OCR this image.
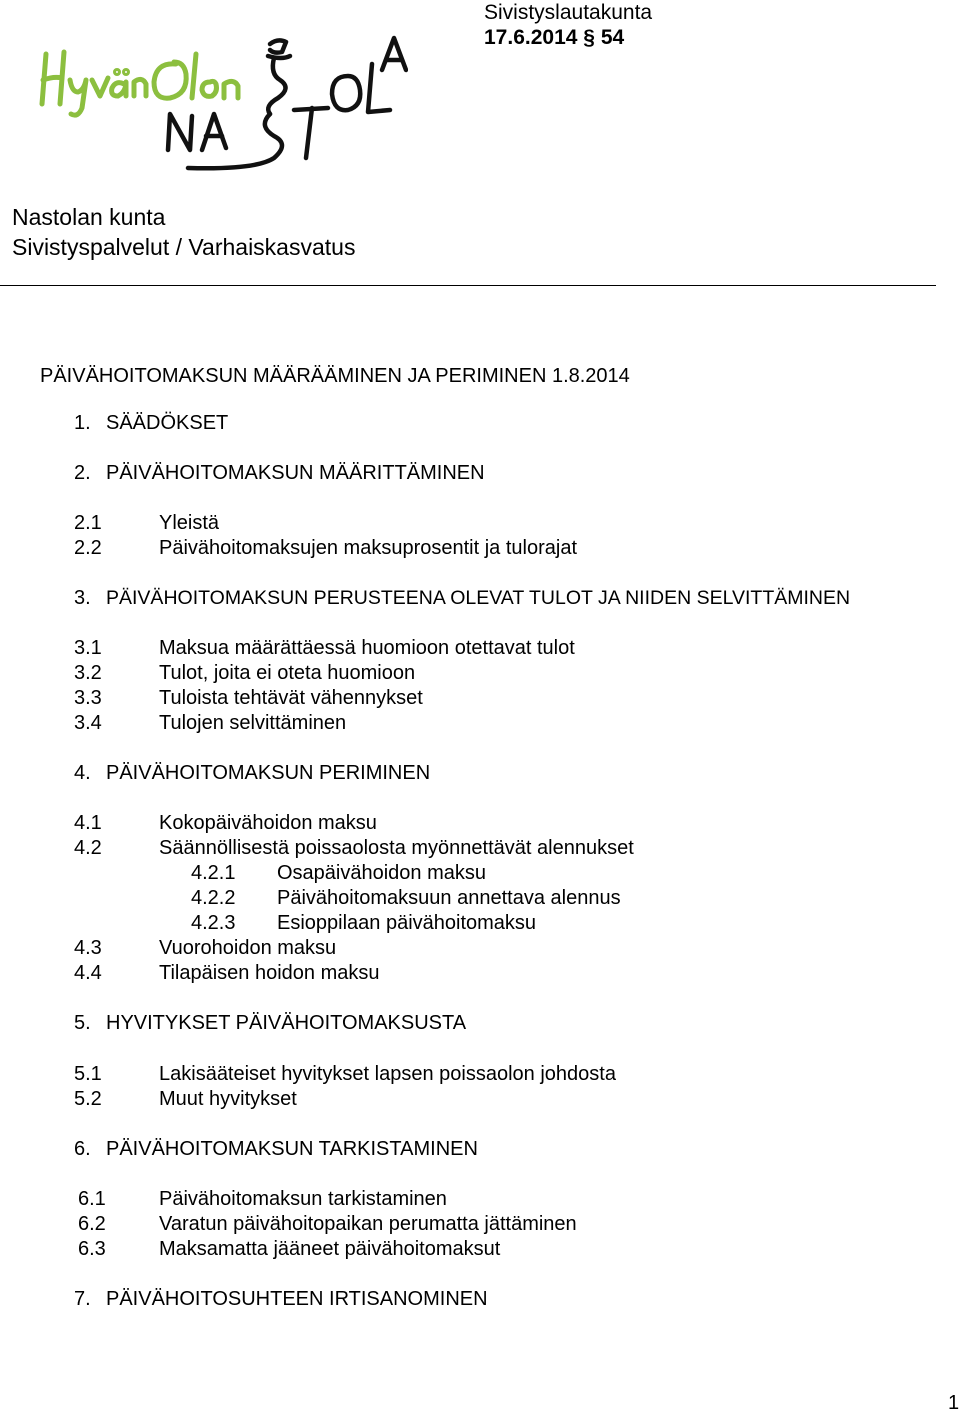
Sivistyslautakunta
17.6.2014 § 54
Nastolan kunta
Sivistyspalvelut / Varhaiskasvatus
PÄIVÄHOITOMAKSUN MÄÄRÄÄMINEN JA PERIMINEN 1.8.2014
1. SÄÄDÖKSET
2. PÄIVÄHOITOMAKSUN MÄÄRITTÄMINEN
2.1	Yleistä
2.2	Päivähoitomaksujen maksuprosentit ja tulorajat
3. PÄIVÄHOITOMAKSUN PERUSTEENA OLEVAT TULOT JA NIIDEN SELVITTÄMINEN
3.1	Maksua määrättäessä huomioon otettavat tulot
3.2	Tulot, joita ei oteta huomioon
3.3	Tuloista tehtävät vähennykset
3.4	Tulojen selvittäminen
4. PÄIVÄHOITOMAKSUN PERIMINEN
4.1	Kokopäivähoidon maksu
4.2	Säännöllisestä poissaolosta myönnettävät alennukset
4.2.1 Osapäivähoidon maksu
4.2.2 Päivähoitomaksuun annettava alennus
4.2.3 Esioppilaan päivähoitomaksu
4.3	Vuorohoidon maksu
4.4	Tilapäisen hoidon maksu
5. HYVITYKSET PÄIVÄHOITOMAKSUSTA
5.1	Lakisääteiset hyvitykset lapsen poissaolon johdosta
5.2	Muut hyvitykset
6. PÄIVÄHOITOMAKSUN TARKISTAMINEN
6.1	Päivähoitomaksun tarkistaminen
6.2	Varatun päivähoitopaikan perumatta jättäminen
6.3	Maksamatta jääneet päivähoitomaksut
7. PÄIVÄHOITOSUHTEEN IRTISANOMINEN
1
